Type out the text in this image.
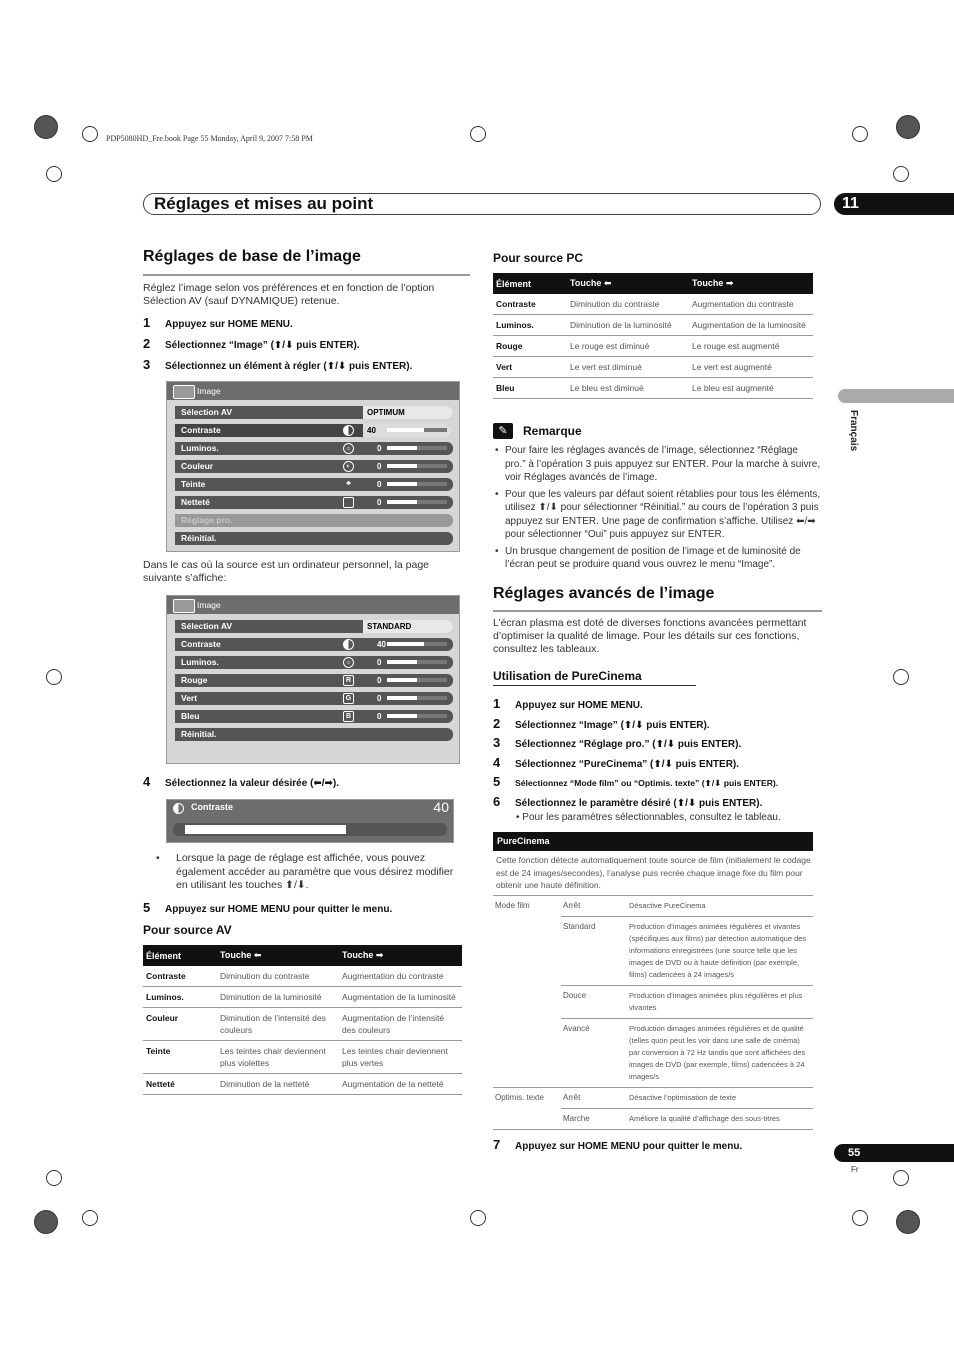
PDP5080HD_Fre.book Page 55 Monday, April 9, 2007 7:58 PM
Réglages et mises au point	11
Français
Réglages de base de l’image
Réglez l’image selon vos préférences et en fonction de l’option Sélection AV (sauf DYNAMIQUE) retenue.
1 Appuyez sur HOME MENU.
2 Sélectionnez “Image” (⬆/⬇ puis ENTER).
3 Sélectionnez un élément à régler (⬆/⬇ puis ENTER).
Image
Sélection AV	OPTIMUM
Contraste	40
Luminos.	☼	0
Couleur	◐	0
Teinte	♣	0
Netteté	0
Réglage pro.
Réinitial.
Dans le cas où la source est un ordinateur personnel, la page suivante s’affiche:
Image
Sélection AV	STANDARD
Contraste	40
Luminos.	☼	0
Rouge	R	0
Vert	G	0
Bleu	B	0
Réinitial.
4 Sélectionnez la valeur désirée (⬅/➡).
Contraste	40
•	Lorsque la page de réglage est affichée, vous pouvez également accéder au paramètre que vous désirez modifier en utilisant les touches ⬆/⬇.
5 Appuyez sur HOME MENU pour quitter le menu.
Pour source AV
Élément	Touche ⬅	Touche ➡
Contraste	Diminution du contraste	Augmentation du contraste
Luminos.	Diminution de la luminosité	Augmentation de la luminosité
Couleur	Diminution de l’intensité des couleurs	Augmentation de l’intensité des couleurs
Teinte	Les teintes chair deviennent plus violettes	Les teintes chair deviennent plus vertes
Netteté	Diminution de la netteté	Augmentation de la netteté
Pour source PC
Élément	Touche ⬅	Touche ➡
Contraste	Diminution du contraste	Augmentation du contraste
Luminos.	Diminution de la luminosité	Augmentation de la luminosité
Rouge	Le rouge est diminué	Le rouge est augmenté
Vert	Le vert est diminué	Le vert est augmenté
Bleu	Le bleu est diminué	Le bleu est augmenté
✎	Remarque
• Pour faire les réglages avancés de l’image, sélectionnez “Réglage pro.” à l’opération 3 puis appuyez sur ENTER. Pour la marche à suivre, voir Réglages avancés de l’image.
• Pour que les valeurs par défaut soient rétablies pour tous les éléments, utilisez ⬆/⬇ pour sélectionner “Réinitial.” au cours de l’opération 3 puis appuyez sur ENTER. Une page de confirmation s’affiche. Utilisez ⬅/➡ pour sélectionner “Oui” puis appuyez sur ENTER.
• Un brusque changement de position de l’image et de luminosité de l’écran peut se produire quand vous ouvrez le menu “Image”.
Réglages avancés de l’image
L’écran plasma est doté de diverses fonctions avancées permettant d’optimiser la qualité de limage. Pour les détails sur ces fonctions, consultez les tableaux.
Utilisation de PureCinema
1 Appuyez sur HOME MENU.
2 Sélectionnez “Image” (⬆/⬇ puis ENTER).
3 Sélectionnez “Réglage pro.” (⬆/⬇ puis ENTER).
4 Sélectionnez “PureCinema” (⬆/⬇ puis ENTER).
5 Sélectionnez “Mode film” ou “Optimis. texte” (⬆/⬇ puis ENTER).
6 Sélectionnez le paramètre désiré (⬆/⬇ puis ENTER).
• Pour les paramètres sélectionnables, consultez le tableau.
PureCinema
Cette fonction détecte automatiquement toute source de film (initialement le codage est de 24 images/secondes), l’analyse puis recrée chaque image fixe du film pour obtenir une haute définition.
Mode film	Arrêt	Désactive PureCinema
	Standard	Production d’images animées régulières et vivantes (spécifiques aux films) par détection automatique des informations enregistrées (une source telle que les images de DVD ou à haute définition (par exemple, films) cadencées à 24 images/s
	Douce	Production d’images animées plus régulières et plus vivantes
	Avancé	Production dimages animées régulières et de qualité (telles quon peut les voir dans une salle de cinéma) par conversion à 72 Hz tandis que sont affichées des images de DVD (par exemple, films) cadencées à 24 images/s
Optimis. texte	Arrêt	Désactive l’optimisation de texte
	Marche	Améliore la qualité d’affichage des sous-titres
7 Appuyez sur HOME MENU pour quitter le menu.
55
Fr
